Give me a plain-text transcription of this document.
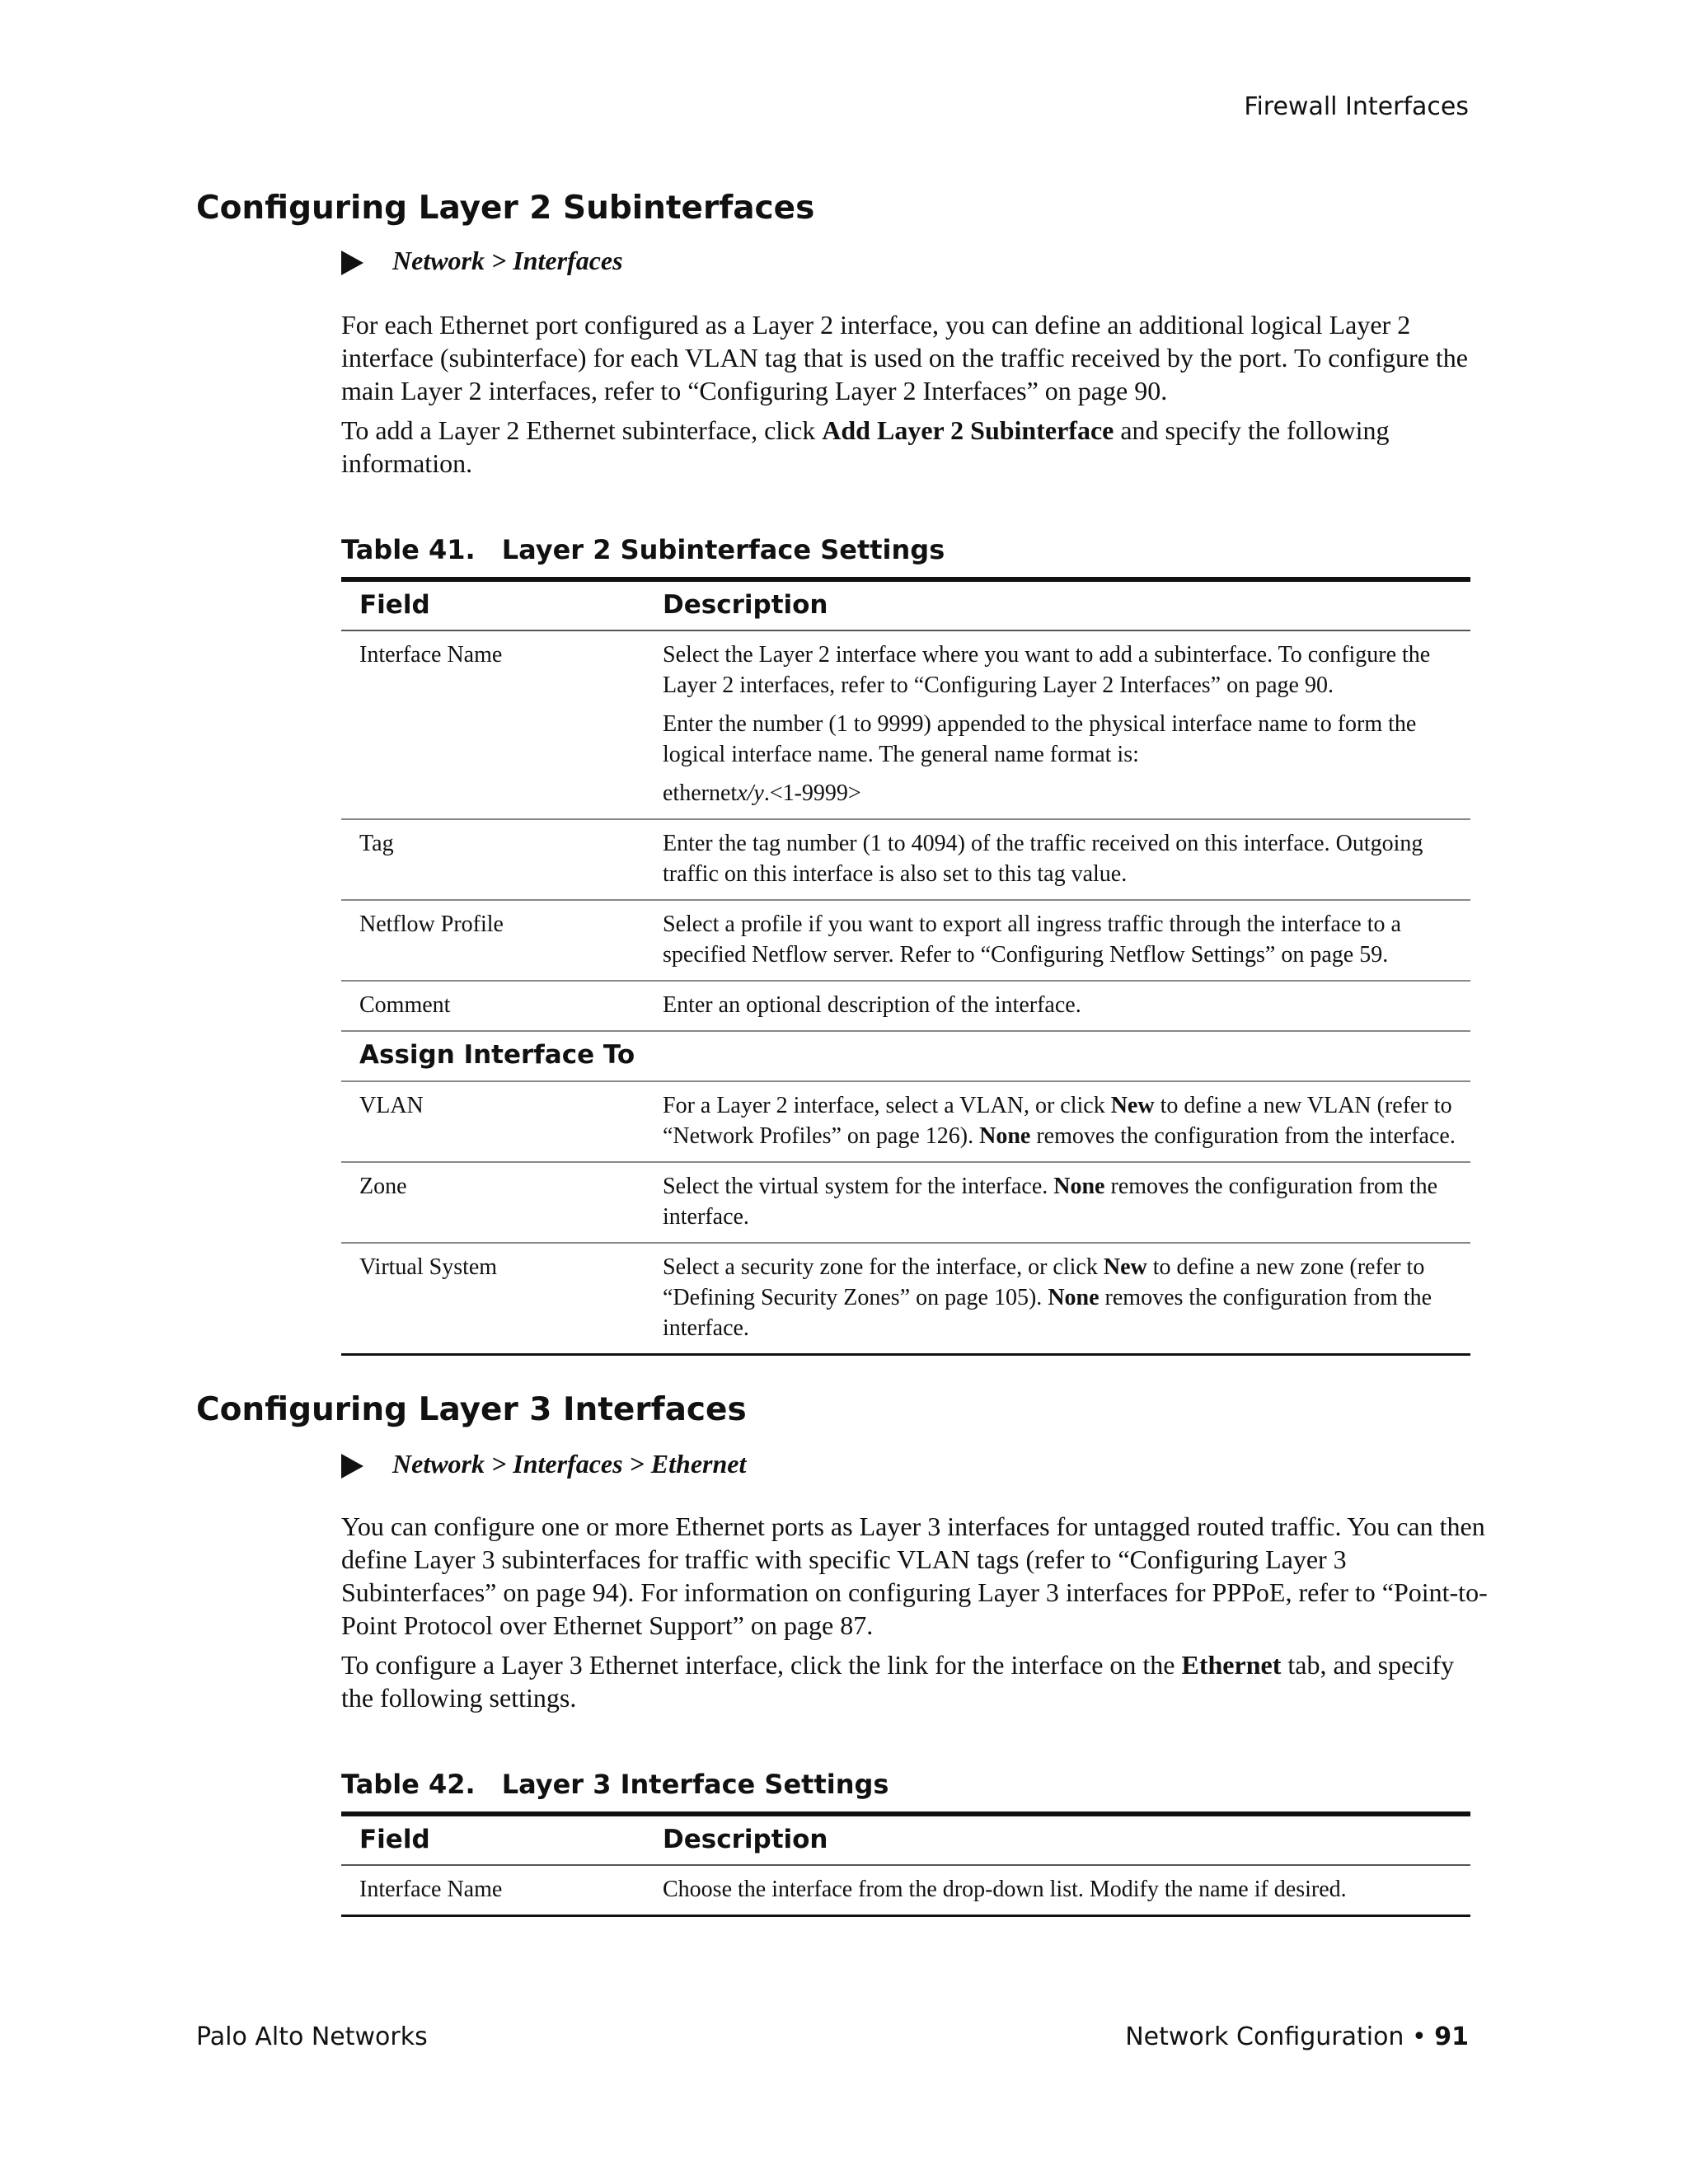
Firewall Interfaces
Configuring Layer 2 Subinterfaces
Network > Interfaces
For each Ethernet port configured as a Layer 2 interface, you can define an additional logical Layer 2 interface (subinterface) for each VLAN tag that is used on the traffic received by the port. To configure the main Layer 2 interfaces, refer to “Configuring Layer 2 Interfaces” on page 90.
To add a Layer 2 Ethernet subinterface, click Add Layer 2 Subinterface and specify the following information.
Table 41. Layer 2 Subinterface Settings
Field	Description
Interface Name	Select the Layer 2 interface where you want to add a subinterface. To configure the Layer 2 interfaces, refer to “Configuring Layer 2 Interfaces” on page 90.

Enter the number (1 to 9999) appended to the physical interface name to form the logical interface name. The general name format is:

ethernetx/y.<1-9999>

Tag	Enter the tag number (1 to 4094) of the traffic received on this interface. Outgoing traffic on this interface is also set to this tag value.
Netflow Profile	Select a profile if you want to export all ingress traffic through the interface to a specified Netflow server. Refer to “Configuring Netflow Settings” on page 59.
Comment	Enter an optional description of the interface.
Assign Interface To	
VLAN	For a Layer 2 interface, select a VLAN, or click New to define a new VLAN (refer to “Network Profiles” on page 126). None removes the configuration from the interface.
Zone	Select the virtual system for the interface. None removes the configuration from the interface.
Virtual System	Select a security zone for the interface, or click New to define a new zone (refer to “Defining Security Zones” on page 105). None removes the configuration from the interface.
Configuring Layer 3 Interfaces
Network > Interfaces > Ethernet
You can configure one or more Ethernet ports as Layer 3 interfaces for untagged routed traffic. You can then define Layer 3 subinterfaces for traffic with specific VLAN tags (refer to “Configuring Layer 3 Subinterfaces” on page 94). For information on configuring Layer 3 interfaces for PPPoE, refer to “Point-to-Point Protocol over Ethernet Support” on page 87.
To configure a Layer 3 Ethernet interface, click the link for the interface on the Ethernet tab, and specify the following settings.
Table 42. Layer 3 Interface Settings
Field	Description
Interface Name	Choose the interface from the drop-down list. Modify the name if desired.
Palo Alto Networks	Network Configuration • 91
